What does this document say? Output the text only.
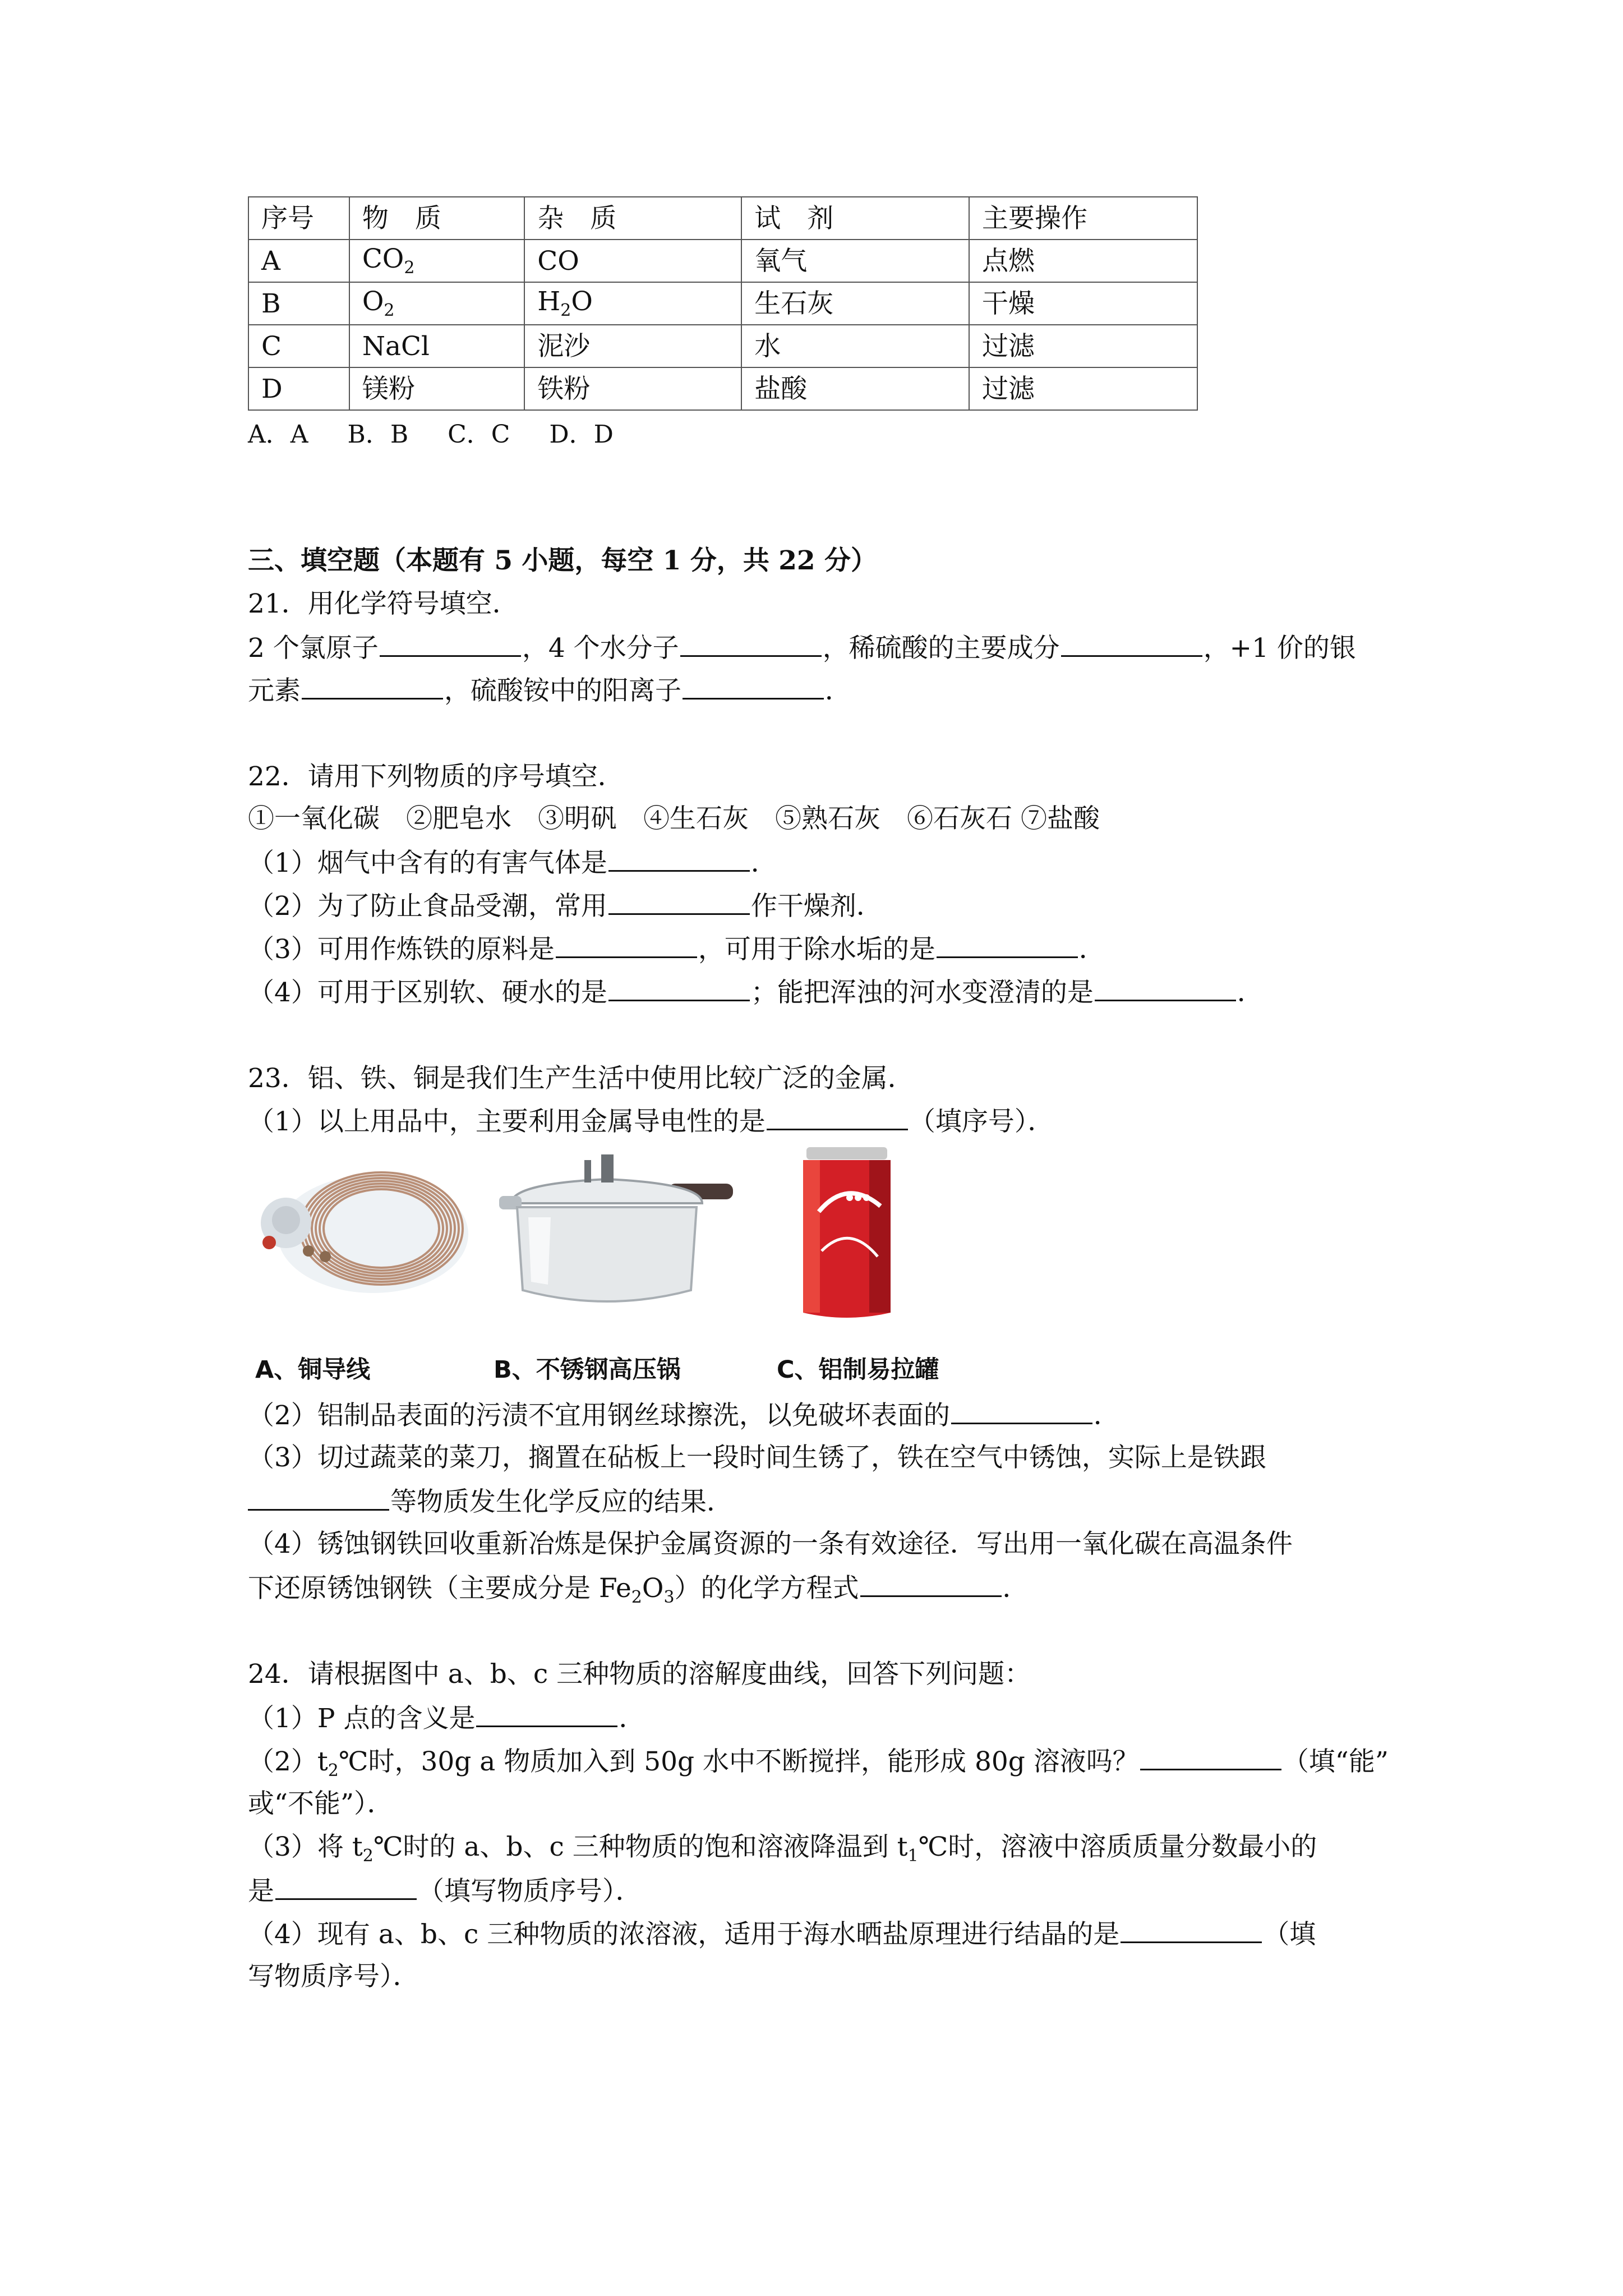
序号	物　质	杂　质	试　剂	主要操作
A	$CO_2$	CO	氧气	点燃
B	$O_2$	$H_2O$	生石灰	干燥
C	NaCl	泥沙	水	过滤
D	镁粉	铁粉	盐酸	过滤
A．A B．B C．C D．D
三、填空题（本题有 5 小题，每空 1 分，共 22 分）
21．用化学符号填空．
2 个氯原子	，4 个水分子	，稀硫酸的主要成分	，+1 价的银
元素	，硫酸铵中的阳离子	．
22．请用下列物质的序号填空．
①一氧化碳　②肥皂水　③明矾　④生石灰　⑤熟石灰　⑥石灰石 ⑦盐酸
（1）烟气中含有的有害气体是	．
（2）为了防止食品受潮，常用	作干燥剂．
（3）可用作炼铁的原料是	，可用于除水垢的是	．
（4）可用于区别软、硬水的是	；能把浑浊的河水变澄清的是	．
23．铝、铁、铜是我们生产生活中使用比较广泛的金属．
（1）以上用品中，主要利用金属导电性的是	（填序号）．
A、铜导线	B、不锈钢高压锅	C、铝制易拉罐
（2）铝制品表面的污渍不宜用钢丝球擦洗，以免破坏表面的	．
（3）切过蔬菜的菜刀，搁置在砧板上一段时间生锈了，铁在空气中锈蚀，实际上是铁跟
等物质发生化学反应的结果．
（4）锈蚀钢铁回收重新冶炼是保护金属资源的一条有效途径．写出用一氧化碳在高温条件
下还原锈蚀钢铁（主要成分是 $Fe_2O_3$）的化学方程式	．
24．请根据图中 a、b、c 三种物质的溶解度曲线，回答下列问题：
（1）P 点的含义是	．
$(2)t_2℃$时，30g a 物质加入到 50g 水中不断搅拌，能形成 80g 溶液吗？	（填“能”
或“不能”）．
（3）将 $t_2℃$时的 a、b、c 三种物质的饱和溶液降温到 $t_1℃$时，溶液中溶质质量分数最小的
是	（填写物质序号）．
（4）现有 a、b、c 三种物质的浓溶液，适用于海水晒盐原理进行结晶的是	（填
写物质序号）．
